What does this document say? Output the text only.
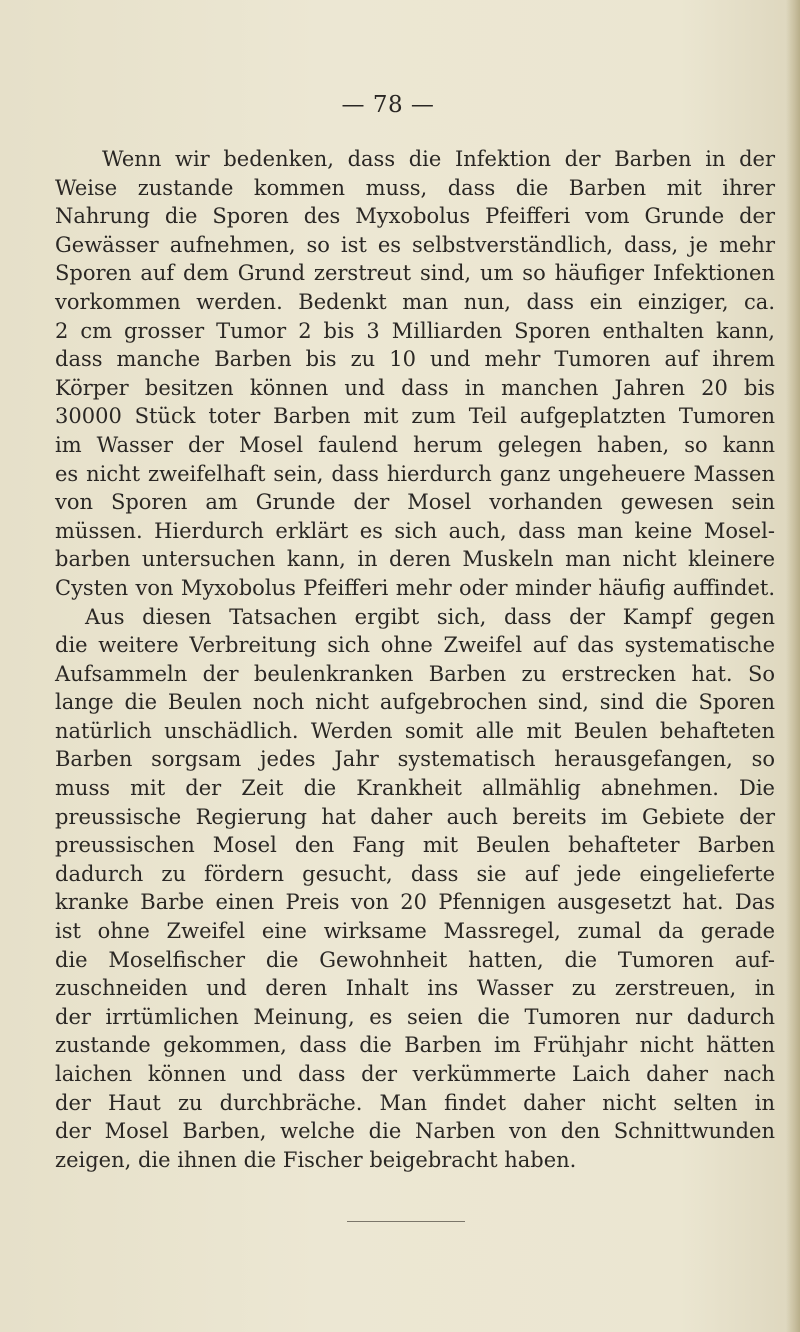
— 78 —
Wenn wir bedenken, dass die Infektion der Barben in der
Weise zustande kommen muss, dass die Barben mit ihrer
Nahrung die Sporen des Myxobolus Pfeifferi vom Grunde der
Gewässer aufnehmen, so ist es selbstverständlich, dass, je mehr
Sporen auf dem Grund zerstreut sind, um so häufiger Infektionen
vorkommen werden. Bedenkt man nun, dass ein einziger, ca.
2 cm grosser Tumor 2 bis 3 Milliarden Sporen enthalten kann,
dass manche Barben bis zu 10 und mehr Tumoren auf ihrem
Körper besitzen können und dass in manchen Jahren 20 bis
30000 Stück toter Barben mit zum Teil aufgeplatzten Tumoren
im Wasser der Mosel faulend herum gelegen haben, so kann
es nicht zweifelhaft sein, dass hierdurch ganz ungeheuere Massen
von Sporen am Grunde der Mosel vorhanden gewesen sein
müssen. Hierdurch erklärt es sich auch, dass man keine Mosel-
barben untersuchen kann, in deren Muskeln man nicht kleinere
Cysten von Myxobolus Pfeifferi mehr oder minder häufig auffindet.
Aus diesen Tatsachen ergibt sich, dass der Kampf gegen
die weitere Verbreitung sich ohne Zweifel auf das systematische
Aufsammeln der beulenkranken Barben zu erstrecken hat. So
lange die Beulen noch nicht aufgebrochen sind, sind die Sporen
natürlich unschädlich. Werden somit alle mit Beulen behafteten
Barben sorgsam jedes Jahr systematisch herausgefangen, so
muss mit der Zeit die Krankheit allmählig abnehmen. Die
preussische Regierung hat daher auch bereits im Gebiete der
preussischen Mosel den Fang mit Beulen behafteter Barben
dadurch zu fördern gesucht, dass sie auf jede eingelieferte
kranke Barbe einen Preis von 20 Pfennigen ausgesetzt hat. Das
ist ohne Zweifel eine wirksame Massregel, zumal da gerade
die Moselfischer die Gewohnheit hatten, die Tumoren auf-
zuschneiden und deren Inhalt ins Wasser zu zerstreuen, in
der irrtümlichen Meinung, es seien die Tumoren nur dadurch
zustande gekommen, dass die Barben im Frühjahr nicht hätten
laichen können und dass der verkümmerte Laich daher nach
der Haut zu durchbräche. Man findet daher nicht selten in
der Mosel Barben, welche die Narben von den Schnittwunden
zeigen, die ihnen die Fischer beigebracht haben.
